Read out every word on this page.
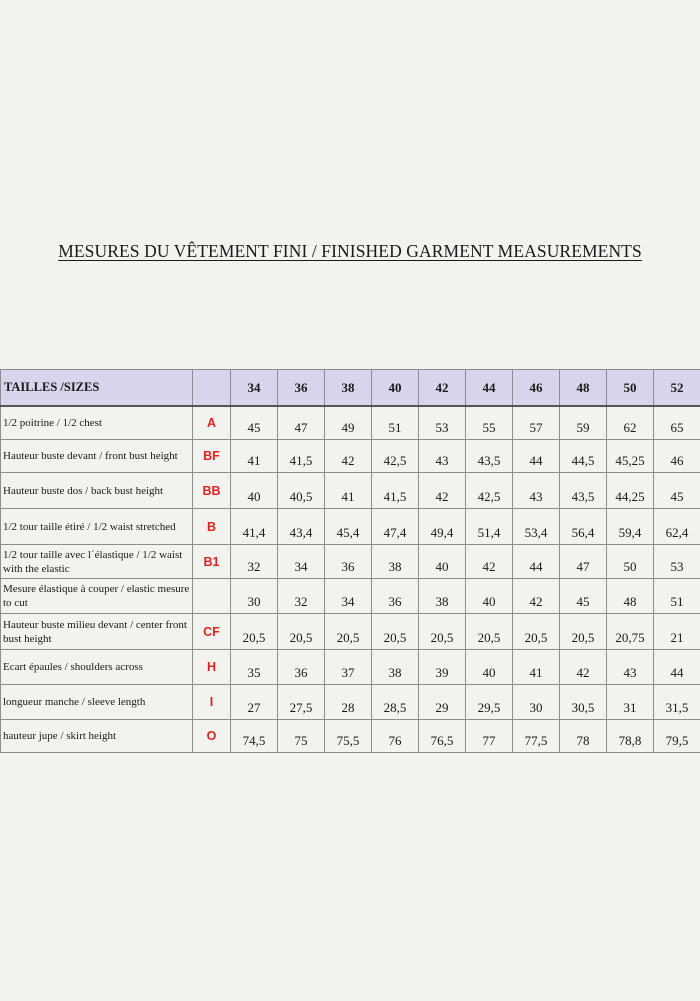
MESURES DU VÊTEMENT FINI / FINISHED GARMENT MEASUREMENTS
TAILLES /SIZES		34	36	38	40	42	44	46	48	50	52
1/2 poitrine / 1/2 chest	A	45	47	49	51	53	55	57	59	62	65
Hauteur buste devant / front bust height	BF	41	41,5	42	42,5	43	43,5	44	44,5	45,25	46
Hauteur buste dos / back bust height	BB	40	40,5	41	41,5	42	42,5	43	43,5	44,25	45
1/2 tour taille étiré / 1/2 waist stretched	B	41,4	43,4	45,4	47,4	49,4	51,4	53,4	56,4	59,4	62,4
1/2 tour taille avec l´élastique / 1/2 waist with the elastic	B1	32	34	36	38	40	42	44	47	50	53
Mesure élastique à couper / elastic mesure to cut		30	32	34	36	38	40	42	45	48	51
Hauteur buste milieu devant / center front bust height	CF	20,5	20,5	20,5	20,5	20,5	20,5	20,5	20,5	20,75	21
Ecart épaules / shoulders across	H	35	36	37	38	39	40	41	42	43	44
longueur manche / sleeve length	I	27	27,5	28	28,5	29	29,5	30	30,5	31	31,5
hauteur jupe / skirt height	O	74,5	75	75,5	76	76,5	77	77,5	78	78,8	79,5
